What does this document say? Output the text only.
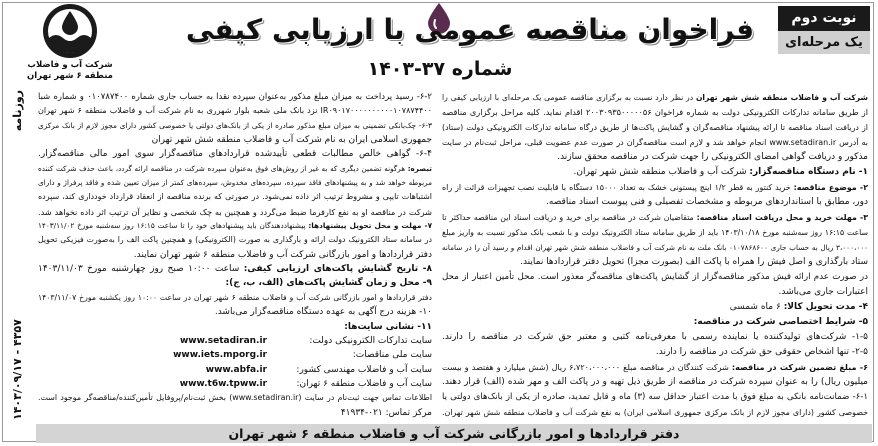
نوبت دوم
یک مرحله‌ای
فراخوان مناقصه عمومی با ارزیابی کیفی
شماره ۳۷-۱۴۰۳
شرکت آب و فاضلاب
منطقه ۶ شهر تهران
روزنامه
۴۳۵۷ - ۱۴۰۳/۰۹/۱۷
شرکت آب و فاضلاب منطقه شش شهر تهران در نظر دارد نسبت به برگزاری مناقصه عمومی یک مرحله‌ای با ارزیابی کیفی را
از طریق سامانه تدارکات الکترونیکی دولت به شماره فراخوان ۲۰۰۳۰۹۳۵۰۰۰۰۰۵۶ اقدام نماید. کلیه مراحل برگزاری مناقصه
از دریافت اسناد مناقصه تا ارائه پیشنهاد مناقصه‌گران و گشایش پاکت‌ها از طریق درگاه سامانه تدارکات الکترونیکی دولت (ستاد)
به آدرس www.setadiran.ir انجام خواهد شد و لازم است مناقصه‌گران در صورت عدم عضویت قبلی، مراحل ثبت‌نام در سایت
مذکور و دریافت گواهی امضای الکترونیکی را جهت شرکت در مناقصه محقق سازند.
۱- نام دستگاه مناقصه‌گزار: شرکت آب و فاضلاب منطقه شش شهر تهران.
۲- موضوع مناقصه: خرید کنتور به قطر ۱/۲ اینچ پیستونی خشک به تعداد ۱۵۰۰۰ دستگاه با قابلیت نصب تجهیزات قرائت از راه
دور، مطابق با استانداردهای مربوطه و مشخصات تفصیلی و فنی پیوست اسناد مناقصه.
۳- مهلت خرید و محل دریافت اسناد مناقصه: متقاضیان شرکت در مناقصه برای خرید و دریافت اسناد این مناقصه حداکثر تا
ساعت ۱۶:۱۵ روز سه‌شنبه مورخ ۱۴۰۳/۱۰/۱۸ باید از طریق سامانه ستاد الکترونیک دولت و با شعب بانک مذکور نسبت به واریز مبلغ
۳،۰۰۰،۰۰۰ ریال به حساب جاری ۰۱۰۷۸۶۸۶۰۰ بانک ملت به نام شرکت آب و فاضلاب منطقه شش شهر تهران اقدام و رسید آن را در سامانه
ستاد بارگذاری و اصل فیش را همراه با پاکت الف (بصورت مجزا) تحویل دفتر قراردادها نمایند.
در صورت عدم ارائه فیش مذکور مناقصه‌گزار از گشایش پاکت‌های مناقصه‌گر معذور است. محل تأمین اعتبار از محل
اعتبارات جاری می‌باشد.
۴- مدت تحویل کالا: ۶ ماه شمسی
۵- شرایط اختصاصی شرکت در مناقصه:
۱-۵- شرکت‌های تولیدکننده یا نماینده رسمی با معرفی‌نامه کتبی و معتبر حق شرکت در مناقصه را دارند.
۲-۵- تنها اشخاص حقوقی حق شرکت در مناقصه را دارند.
۶- مبلغ تضمین شرکت در مناقصه: شرکت کنندگان در مناقصه مبلغ ۶،۷۲۰،۰۰۰،۰۰۰ ریال (شش میلیارد و هفتصد و بیست
میلیون ریال) را به عنوان سپرده شرکت در مناقصه از طریق ذیل تهیه و در پاکت الف و مهر شده (الف) قرار دهند.
۶-۱- ضمانت‌نامه بانکی به مبلغ فوق با مدت اعتبار حداقل سه (۳) ماه و قابل تمدید، صادره از یکی از بانک‌های دولتی یا
خصوصی کشور (دارای مجوز لازم از بانک مرکزی جمهوری اسلامی ایران) به نفع شرکت آب و فاضلاب منطقه شش شهر تهران.
۶-۲- رسید پرداخت به میزان مبلغ مذکور به‌عنوان سپرده نقدا به حساب جاری شماره ۰۱۰۷۸۷۴۰۰ و شماره شبا
IR۰۹۰۱۷۰۰۰۰۰۰۰۰۰۰۱۰۷۸۷۴۴۰۰ نزد بانک ملی شعبه بلوار شهرری به نام شرکت آب و فاضلاب منطقه ۶ شهر تهران
۶-۳- چک‌بانکی تضمینی به میزان مبلغ مذکور صادره از یکی از بانک‌های دولتی یا خصوصی کشور دارای مجوز لازم از بانک مرکزی
جمهوری اسلامی ایران به نام شرکت آب و فاضلاب منطقه شش شهر تهران
۶-۴- گواهی خالص مطالبات قطعی تأییدشده قراردادهای مناقصه‌گزار سوی امور مالی مناقصه‌گزار.
تبصره: هرگونه تضمین دیگری که به غیر از روش‌های فوق به‌عنوان سپرده شرکت در مناقصه ارائه گردد، باعث حذف شرکت کننده
مربوطه خواهد شد و به پیشنهادهای فاقد سپرده، سپرده‌های مخدوش، سپرده‌های کمتر از میزان تعیین شده و فاقد پرفراژ و دارای
اشتباهات تایپی و مشروط ترتیب اثر داده نمی‌شود. در صورتی که برنده مناقصه از انعقاد قرارداد خودداری کند، سپرده
شرکت در مناقصه او به نفع کارفرما ضبط می‌گردد و همچنین به چک شخصی و نظایر آن ترتیب اثر داده نخواهد شد.
۷- مهلت و محل تحویل پیشنهادها: پیشنهاددهندگان باید پیشنهادهای خود را تا ساعت ۱۶:۱۵ روز سه‌شنبه مورخ ۱۴۰۳/۱۱/۰۲
در سامانه ستاد الکترونیک دولت ارائه و بارگذاری به صورت (الکترونیکی) و همچنین پاکت الف را به‌صورت فیزیکی تحویل
دفتر قراردادها و امور بازرگانی شرکت آب و فاضلاب منطقه ۶ شهر تهران نمایند.
۸- تاریخ گشایش پاکت‌های ارزیابی کیفی: ساعت ۱۰:۰۰ صبح روز چهارشنبه مورخ ۱۴۰۳/۱۱/۰۳
۹- محل و زمان گشایش پاکت‌های (الف، ب، ج):
دفتر قراردادها و امور بازرگانی شرکت آب و فاضلاب منطقه ۶ شهر تهران در ساعت ۱۰:۰۰ روز یکشنبه مورخ ۱۴۰۳/۱۱/۰۷
۱۰- هزینه درج آگهی به عهده دستگاه مناقصه‌گزار می‌باشد.
۱۱- نشانی سایت‌ها:
سایت تدارکات الکترونیکی دولت:www.setadiran.ir
سایت ملی مناقصات:www.iets.mporg.ir
سایت آب و فاضلاب مهندسی کشور:www.abfa.ir
سایت آب و فاضلاب منطقه ۶ تهران:www.t6w.tpww.ir
اطلاعات تماس جهت ثبت‌نام در سایت (www.setadiran.ir) بخش ثبت‌نام/پروفایل تأمین‌کننده/مناقصه‌گر موجود است.
مرکز تماس: ۰۲۱-۴۱۹۳۴
دفتر قراردادها و امور بازرگانی شرکت آب و فاضلاب منطقه ۶ شهر تهران
